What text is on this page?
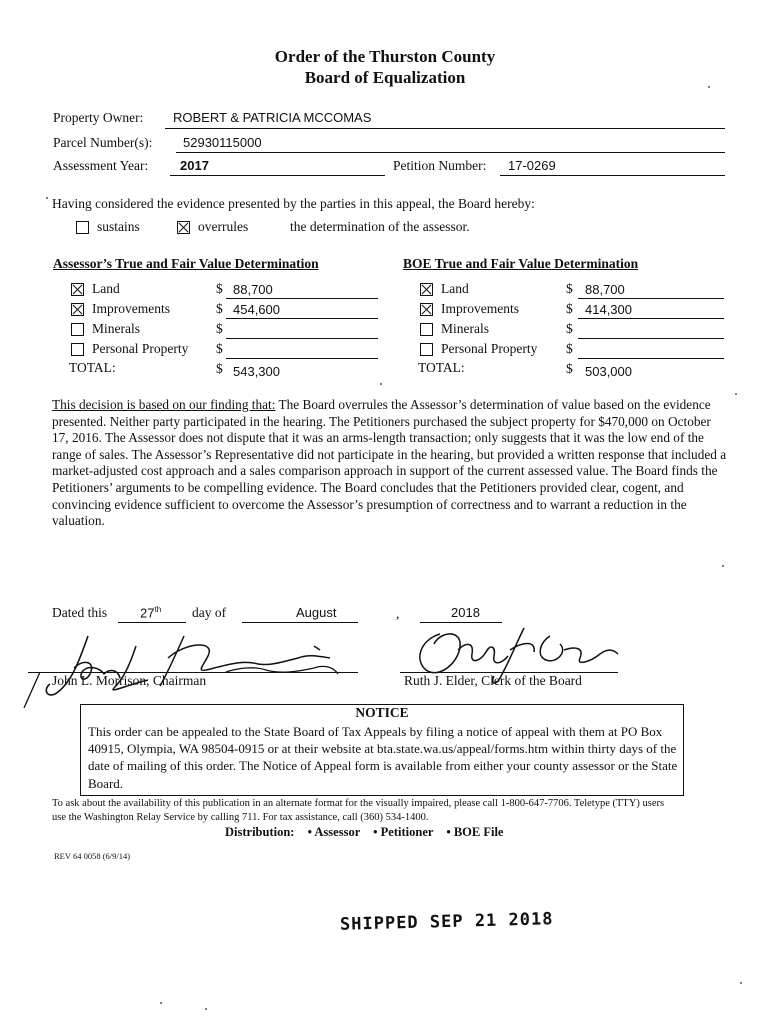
Order of the Thurston County
Board of Equalization
Property Owner: ROBERT & PATRICIA MCCOMAS
Parcel Number(s): 52930115000
Assessment Year: 2017	Petition Number: 17-0269
Having considered the evidence presented by the parties in this appeal, the Board hereby:
sustains	overrules	the determination of the assessor.
Assessor’s True and Fair Value Determination	BOE True and Fair Value Determination
Land	$ 88,700
Improvements	$ 454,600
Minerals	$
Personal Property $
TOTAL:	$ 543,300
Land	$ 88,700
Improvements	$ 414,300
Minerals	$
Personal Property $
TOTAL:	$ 503,000
This decision is based on our finding that: The Board overrules the Assessor’s determination of value based on the evidence presented. Neither party participated in the hearing. The Petitioners purchased the subject property for $470,000 on October 17, 2016. The Assessor does not dispute that it was an arms-length transaction; only suggests that it was the low end of the range of sales. The Assessor’s Representative did not participate in the hearing, but provided a written response that included a market-adjusted cost approach and a sales comparison approach in support of the current assessed value. The Board finds the Petitioners’ arguments to be compelling evidence. The Board concludes that the Petitioners provided clear, cogent, and convincing evidence sufficient to overcome the Assessor’s presumption of correctness and to warrant a reduction in the valuation.
Dated this	27th day of	August	,	2018
John L. Morrison, Chairman	Ruth J. Elder, Clerk of the Board
NOTICE
This order can be appealed to the State Board of Tax Appeals by filing a notice of appeal with them at PO Box 40915, Olympia, WA 98504-0915 or at their website at bta.state.wa.us/appeal/forms.htm within thirty days of the date of mailing of this order. The Notice of Appeal form is available from either your county assessor or the State Board.
To ask about the availability of this publication in an alternate format for the visually impaired, please call 1-800-647-7706. Teletype (TTY) users use the Washington Relay Service by calling 711. For tax assistance, call (360) 534-1400.
Distribution: • Assessor • Petitioner • BOE File
REV 64 0058 (6/9/14)
SHIPPED SEP 21 2018
